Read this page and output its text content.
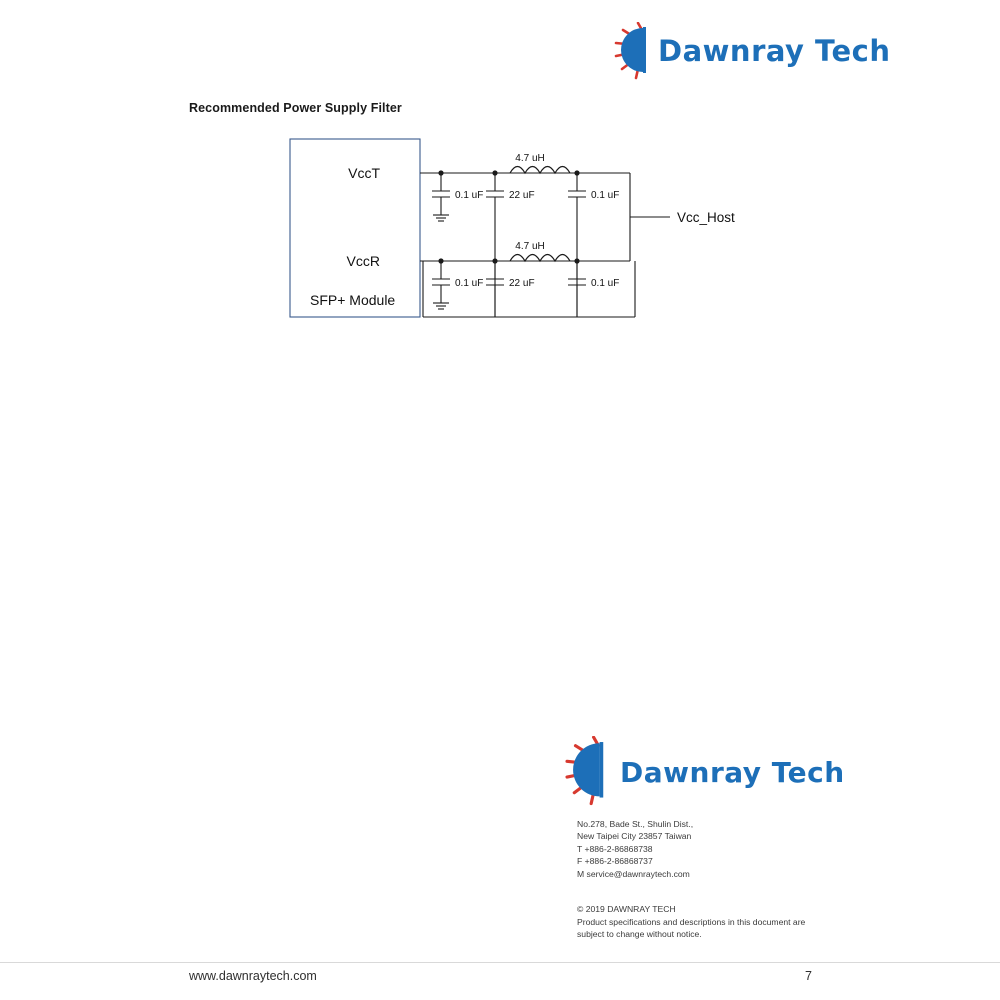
Dawnray Tech
Recommended Power Supply Filter
VccT
VccR
SFP+ Module
Vcc_Host
4.7 uH
4.7 uH
0.1 uF	22 uF	0.1 uF
0.1 uF	22 uF	0.1 uF
Dawnray Tech
No.278, Bade St., Shulin Dist.,
New Taipei City 23857 Taiwan
T +886-2-86868738
F +886-2-86868737
M service@dawnraytech.com
© 2019 DAWNRAY TECH
Product specifications and descriptions in this document are
subject to change without notice.
www.dawnraytech.com	7
